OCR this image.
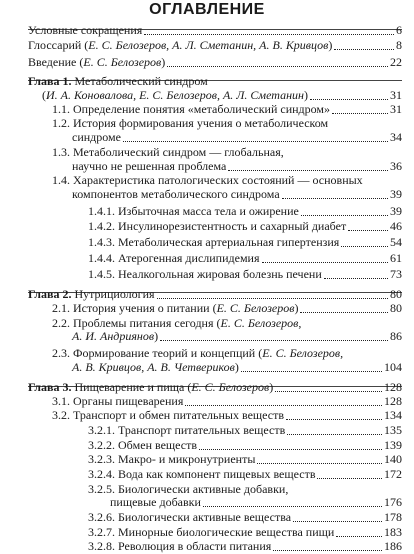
ОГЛАВЛЕНИЕ
Условные сокращения	6
Глоссарий (Е. С. Белозеров, А. Л. Сметанин, А. В. Кривцов)	8
Введение (Е. С. Белозеров)	22
Глава 1. Метаболический синдром
(И. А. Коновалова, Е. С. Белозеров, А. Л. Сметанин)	31
1.1. Определение понятия «метаболический синдром»	31
1.2. История формирования учения о метаболическом
синдроме	34
1.3. Метаболический синдром — глобальная,
научно не решенная проблема	36
1.4. Характеристика патологических состояний — основных
компонентов метаболического синдрома	39
1.4.1. Избыточная масса тела и ожирение	39
1.4.2. Инсулинорезистентность и сахарный диабет	46
1.4.3. Метаболическая артериальная гипертензия	54
1.4.4. Атерогенная дислипидемия	61
1.4.5. Неалкогольная жировая болезнь печени	73
Глава 2. Нутрициология	80
2.1. История учения о питании (Е. С. Белозеров)	80
2.2. Проблемы питания сегодня (Е. С. Белозеров,
А. И. Андриянов)	86
2.3. Формирование теорий и концепций (Е. С. Белозеров,
А. В. Кривцов, А. В. Четвериков)	104
Глава 3. Пищеварение и пища (Е. С. Белозеров)	128
3.1. Органы пищеварения	128
3.2. Транспорт и обмен питательных веществ	134
3.2.1. Транспорт питательных веществ	135
3.2.2. Обмен веществ	139
3.2.3. Макро- и микронутриенты	140
3.2.4. Вода как компонент пищевых веществ	172
3.2.5. Биологически активные добавки,
пищевые добавки	176
3.2.6. Биологически активные вещества	178
3.2.7. Минорные биологические вещества пищи	183
3.2.8. Революция в области питания	186
